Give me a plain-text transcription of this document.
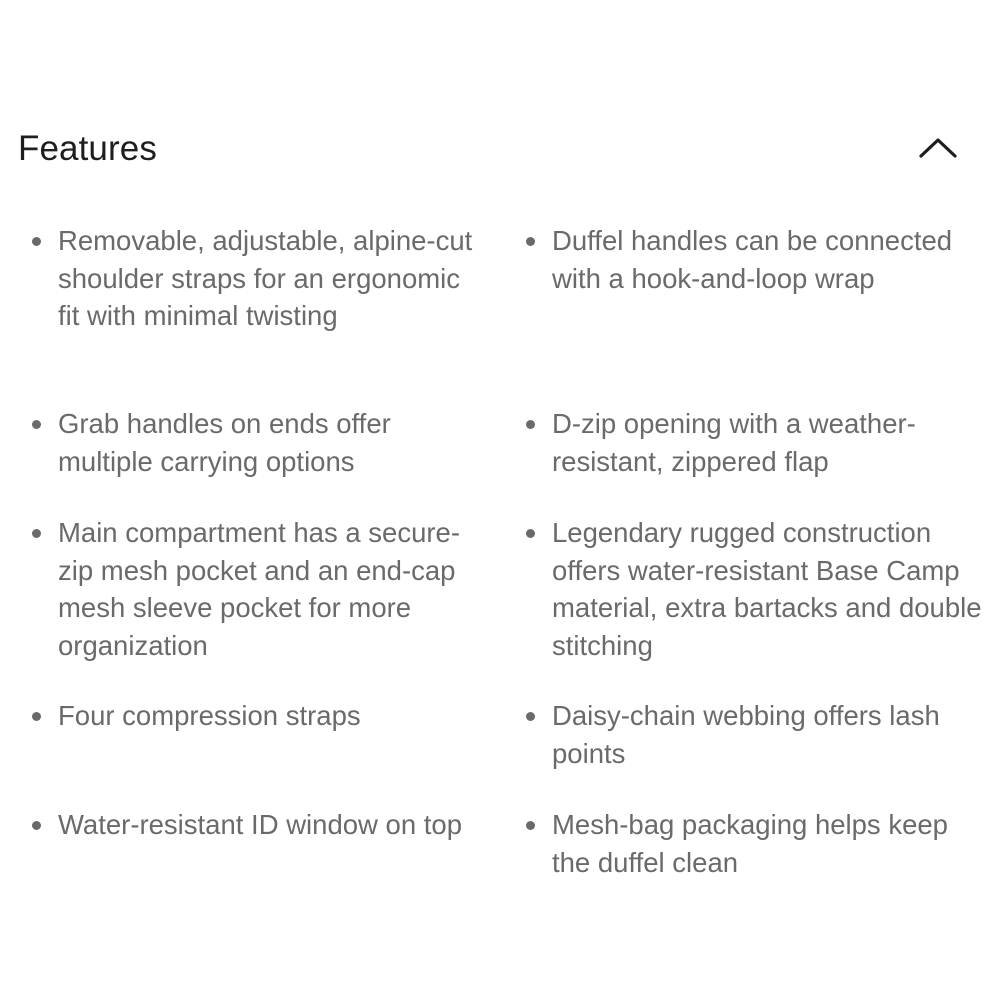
Features
Removable, adjustable, alpine-cut shoulder straps for an ergonomic fit with minimal twisting
Grab handles on ends offer multiple carrying options
Main compartment has a secure-zip mesh pocket and an end-cap mesh sleeve pocket for more organization
Four compression straps
Water-resistant ID window on top
Duffel handles can be connected with a hook-and-loop wrap
D-zip opening with a weather-resistant, zippered flap
Legendary rugged construction offers water-resistant Base Camp material, extra bartacks and double stitching
Daisy-chain webbing offers lash points
Mesh-bag packaging helps keep the duffel clean
